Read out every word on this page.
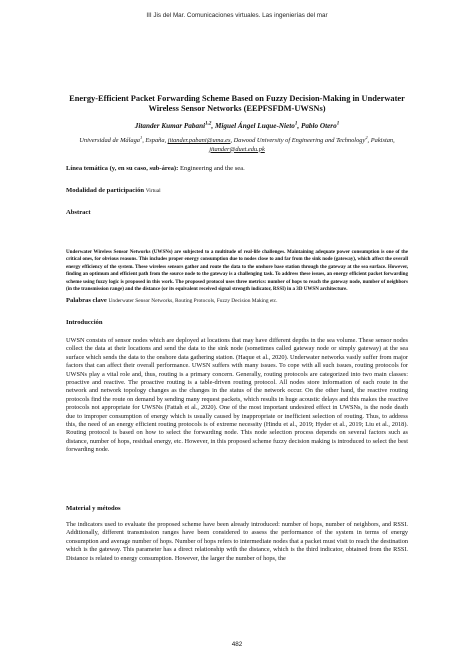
III Jis del Mar. Comunicaciones virtuales. Las ingenierías del mar
Energy-Efficient Packet Forwarding Scheme Based on Fuzzy Decision-Making in Underwater Wireless Sensor Networks (EEPFSFDM-UWSNs)
Jitander Kumar Pabani$^{1,2}$, Miguel Ángel Luque-Nieto$^1$, Pablo Otero$^1$
Universidad de Málaga$^1$, España, jitander.pabani@uma.es, Dawood University of Engineering and Technology$^2$, Pakistan, jitander@duet.edu.pk
Línea temática (y, en su caso, sub-área): Engineering and the sea.
Modalidad de participación Virtual
Abstract
Underwater Wireless Sensor Networks (UWSNs) are subjected to a multitude of real-life challenges. Maintaining adequate power consumption is one of the critical ones, for obvious reasons. This includes proper energy consumption due to nodes close to and far from the sink node (gateway), which affect the overall energy efficiency of the system. These wireless sensors gather and route the data to the onshore base station through the gateway at the sea surface. However, finding an optimum and efficient path from the source node to the gateway is a challenging task. To address these issues, an energy efficient packet forwarding scheme using fuzzy logic is proposed in this work. The proposed protocol uses three metrics: number of hops to reach the gateway node, number of neighbors (in the transmission range) and the distance (or its equivalent received signal strength indicator, RSSI) in a 3D UWSN architecture.
Palabras clave Underwater Sensor Networks, Routing Protocols, Fuzzy Decision Making etc.
Introducción
UWSN consists of sensor nodes which are deployed at locations that may have different depths in the sea volume. These sensor nodes collect the data at their locations and send the data to the sink node (sometimes called gateway node or simply gateway) at the sea surface which sends the data to the onshore data gathering station. (Haque et al., 2020). Underwater networks vastly suffer from major factors that can affect their overall performance. UWSN suffers with many issues. To cope with all such issues, routing protocols for UWSNs play a vital role and, thus, routing is a primary concern. Generally, routing protocols are categorized into two main classes: proactive and reactive. The proactive routing is a table-driven routing protocol. All nodes store information of each route in the network and network topology changes as the changes in the status of the network occur. On the other hand, the reactive routing protocols find the route on demand by sending many request packets, which results in huge acoustic delays and this makes the reactive protocols not appropriate for UWSNs (Fattah et al., 2020). One of the most important undesired effect in UWSNs, is the node death due to improper consumption of energy which is usually caused by inappropriate or inefficient selection of routing. Thus, to address this, the need of an energy efficient routing protocols is of extreme necessity (Hindu et al., 2019; Hyder et al., 2019; Liu et al., 2018). Routing protocol is based on how to select the forwarding node. This node selection process depends on several factors such as distance, number of hops, residual energy, etc. However, in this proposed scheme fuzzy decision making is introduced to select the best forwarding node.
Material y métodos
The indicators used to evaluate the proposed scheme have been already introduced: number of hops, number of neighbors, and RSSI. Additionally, different transmission ranges have been considered to assess the performance of the system in terms of energy consumption and average number of hops. Number of hops refers to intermediate nodes that a packet must visit to reach the destination which is the gateway. This parameter has a direct relationship with the distance, which is the third indicator, obtained from the RSSI. Distance is related to energy consumption. However, the larger the number of hops, the
482
